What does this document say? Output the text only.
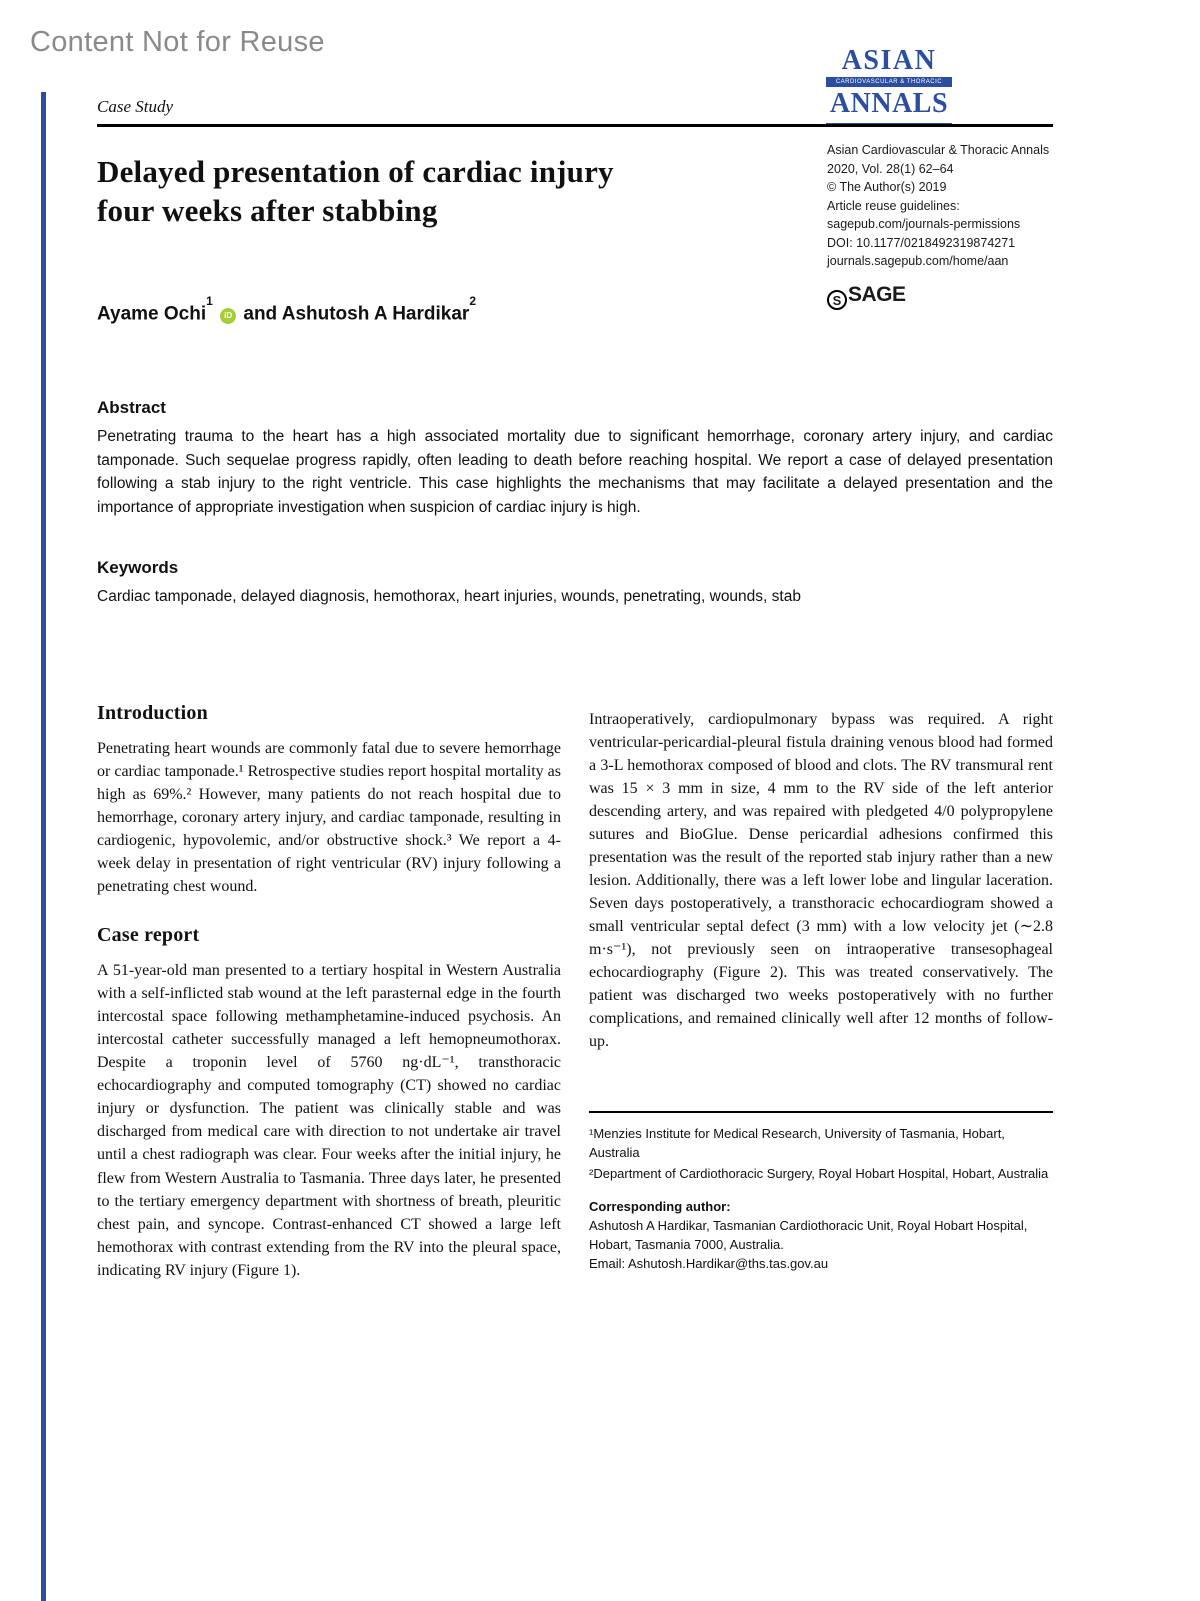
Content Not for Reuse
ASIAN
CARDIOVASCULAR & THORACIC
ANNALS
Case Study
Delayed presentation of cardiac injury four weeks after stabbing
Asian Cardiovascular & Thoracic Annals
2020, Vol. 28(1) 62–64
© The Author(s) 2019
Article reuse guidelines:
sagepub.com/journals-permissions
DOI: 10.1177/0218492319874271
journals.sagepub.com/home/aan
S SAGE
Ayame Ochi$^1$ iD and Ashutosh A Hardikar$^2$
Abstract
Penetrating trauma to the heart has a high associated mortality due to significant hemorrhage, coronary artery injury, and cardiac tamponade. Such sequelae progress rapidly, often leading to death before reaching hospital. We report a case of delayed presentation following a stab injury to the right ventricle. This case highlights the mechanisms that may facilitate a delayed presentation and the importance of appropriate investigation when suspicion of cardiac injury is high.
Keywords
Cardiac tamponade, delayed diagnosis, hemothorax, heart injuries, wounds, penetrating, wounds, stab
Introduction

Penetrating heart wounds are commonly fatal due to severe hemorrhage or cardiac tamponade.¹ Retrospective studies report hospital mortality as high as 69%.² However, many patients do not reach hospital due to hemorrhage, coronary artery injury, and cardiac tamponade, resulting in cardiogenic, hypovolemic, and/or obstructive shock.³ We report a 4-week delay in presentation of right ventricular (RV) injury following a penetrating chest wound.

Case report

A 51-year-old man presented to a tertiary hospital in Western Australia with a self-inflicted stab wound at the left parasternal edge in the fourth intercostal space following methamphetamine-induced psychosis. An intercostal catheter successfully managed a left hemopneumothorax. Despite a troponin level of 5760 ng·dL⁻¹, transthoracic echocardiography and computed tomography (CT) showed no cardiac injury or dysfunction. The patient was clinically stable and was discharged from medical care with direction to not undertake air travel until a chest radiograph was clear. Four weeks after the initial injury, he flew from Western Australia to Tasmania. Three days later, he presented to the tertiary emergency department with shortness of breath, pleuritic chest pain, and syncope. Contrast-enhanced CT showed a large left hemothorax with contrast extending from the RV into the pleural space, indicating RV injury (Figure 1).

Intraoperatively, cardiopulmonary bypass was required. A right ventricular-pericardial-pleural fistula draining venous blood had formed a 3-L hemothorax composed of blood and clots. The RV transmural rent was 15 × 3 mm in size, 4 mm to the RV side of the left anterior descending artery, and was repaired with pledgeted 4/0 polypropylene sutures and BioGlue. Dense pericardial adhesions confirmed this presentation was the result of the reported stab injury rather than a new lesion. Additionally, there was a left lower lobe and lingular laceration. Seven days postoperatively, a transthoracic echocardiogram showed a small ventricular septal defect (3 mm) with a low velocity jet (∼2.8 m·s⁻¹), not previously seen on intraoperative transesophageal echocardiography (Figure 2). This was treated conservatively. The patient was discharged two weeks postoperatively with no further complications, and remained clinically well after 12 months of follow-up.

¹Menzies Institute for Medical Research, University of Tasmania, Hobart, Australia
²Department of Cardiothoracic Surgery, Royal Hobart Hospital, Hobart, Australia
Corresponding author:
Ashutosh A Hardikar, Tasmanian Cardiothoracic Unit, Royal Hobart Hospital, Hobart, Tasmania 7000, Australia.
Email: Ashutosh.Hardikar@ths.tas.gov.au
